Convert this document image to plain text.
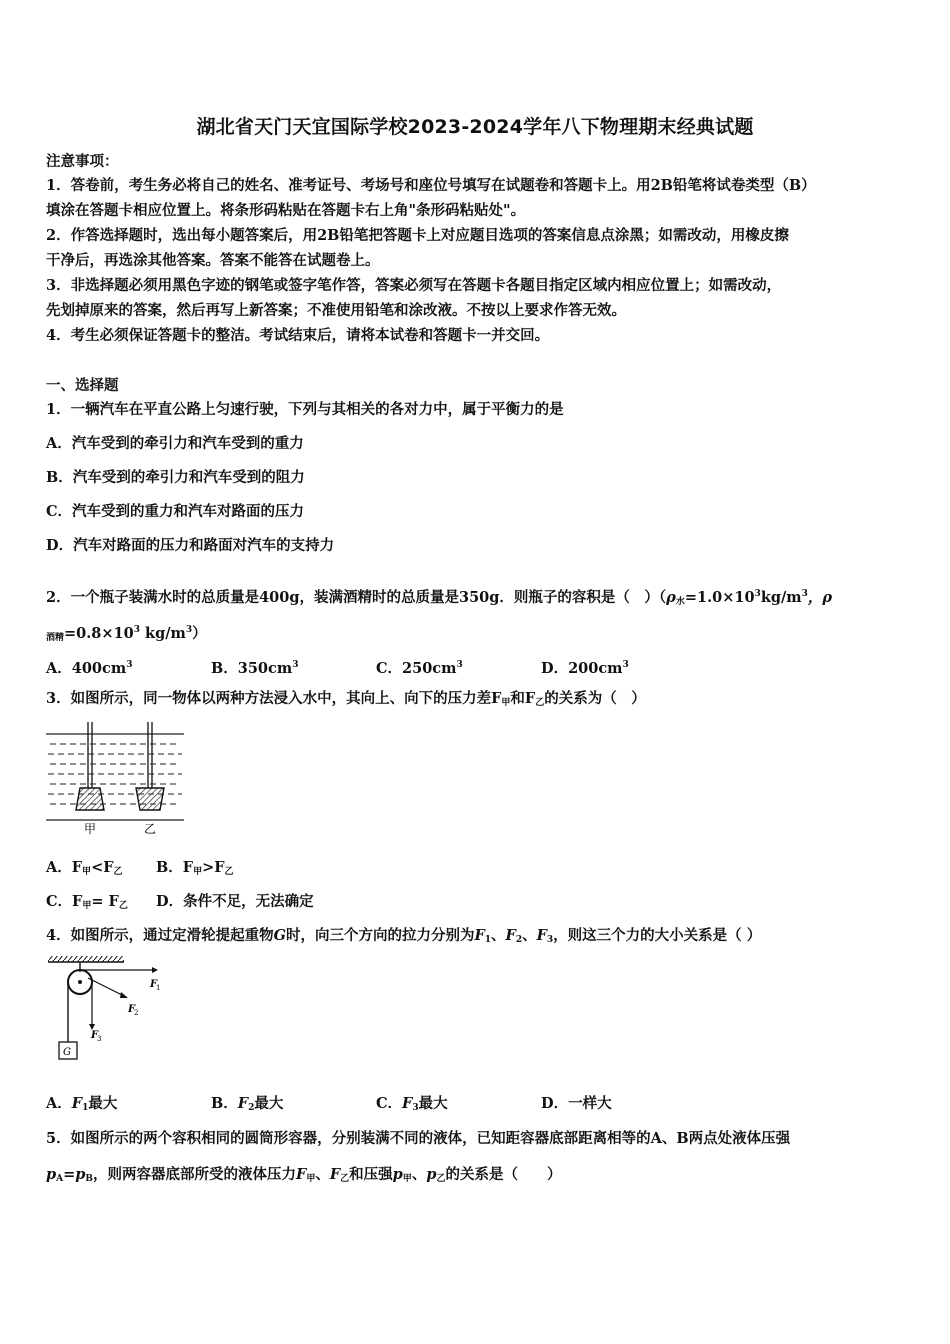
湖北省天门天宜国际学校2023-2024学年八下物理期末经典试题
注意事项：
1．答卷前，考生务必将自己的姓名、准考证号、考场号和座位号填写在试题卷和答题卡上。用2B铅笔将试卷类型（B）
填涂在答题卡相应位置上。将条形码粘贴在答题卡右上角"条形码粘贴处"。
2．作答选择题时，选出每小题答案后，用2B铅笔把答题卡上对应题目选项的答案信息点涂黑；如需改动，用橡皮擦
干净后，再选涂其他答案。答案不能答在试题卷上。
3．非选择题必须用黑色字迹的钢笔或签字笔作答，答案必须写在答题卡各题目指定区域内相应位置上；如需改动，
先划掉原来的答案，然后再写上新答案；不准使用铅笔和涂改液。不按以上要求作答无效。
4．考生必须保证答题卡的整洁。考试结束后，请将本试卷和答题卡一并交回。
一、选择题
1．一辆汽车在平直公路上匀速行驶，下列与其相关的各对力中，属于平衡力的是
A．汽车受到的牵引力和汽车受到的重力
B．汽车受到的牵引力和汽车受到的阻力
C．汽车受到的重力和汽车对路面的压力
D．汽车对路面的压力和路面对汽车的支持力
2．一个瓶子装满水时的总质量是400g，装满酒精时的总质量是350g．则瓶子的容积是（　）（$\rho_水=1.0\times 10^3kg/m^3$，ρ
$_{酒精}=0.8\times 10^3$ $kg/m^3$）
A．$400cm^3$	B．$350cm^3$	C．$250cm^3$	D．$200cm^3$
3．如图所示，同一物体以两种方法浸入水中，其向上、向下的压力差$F_甲$和$F_乙$的关系为（　）
甲	乙
A．$F_甲<F_乙$ B．$F_甲>F_乙$
C．$F_甲= F_乙$ D．条件不足，无法确定
4．如图所示，通过定滑轮提起重物G时，向三个方向的拉力分别为$F_1$、$F_2$、$F_3$，则这三个力的大小关系是（ ）
G
F
1
F
2
F
3
A．$F_1$最大	B．$F_2$最大	C．$F_3$最大	D．一样大
5．如图所示的两个容积相同的圆筒形容器，分别装满不同的液体，已知距容器底部距离相等的A、B两点处液体压强
$p_A=p_B$，则两容器底部所受的液体压力$F_甲$、$F_乙$和压强$p_甲$、$p_乙$的关系是（　　）
